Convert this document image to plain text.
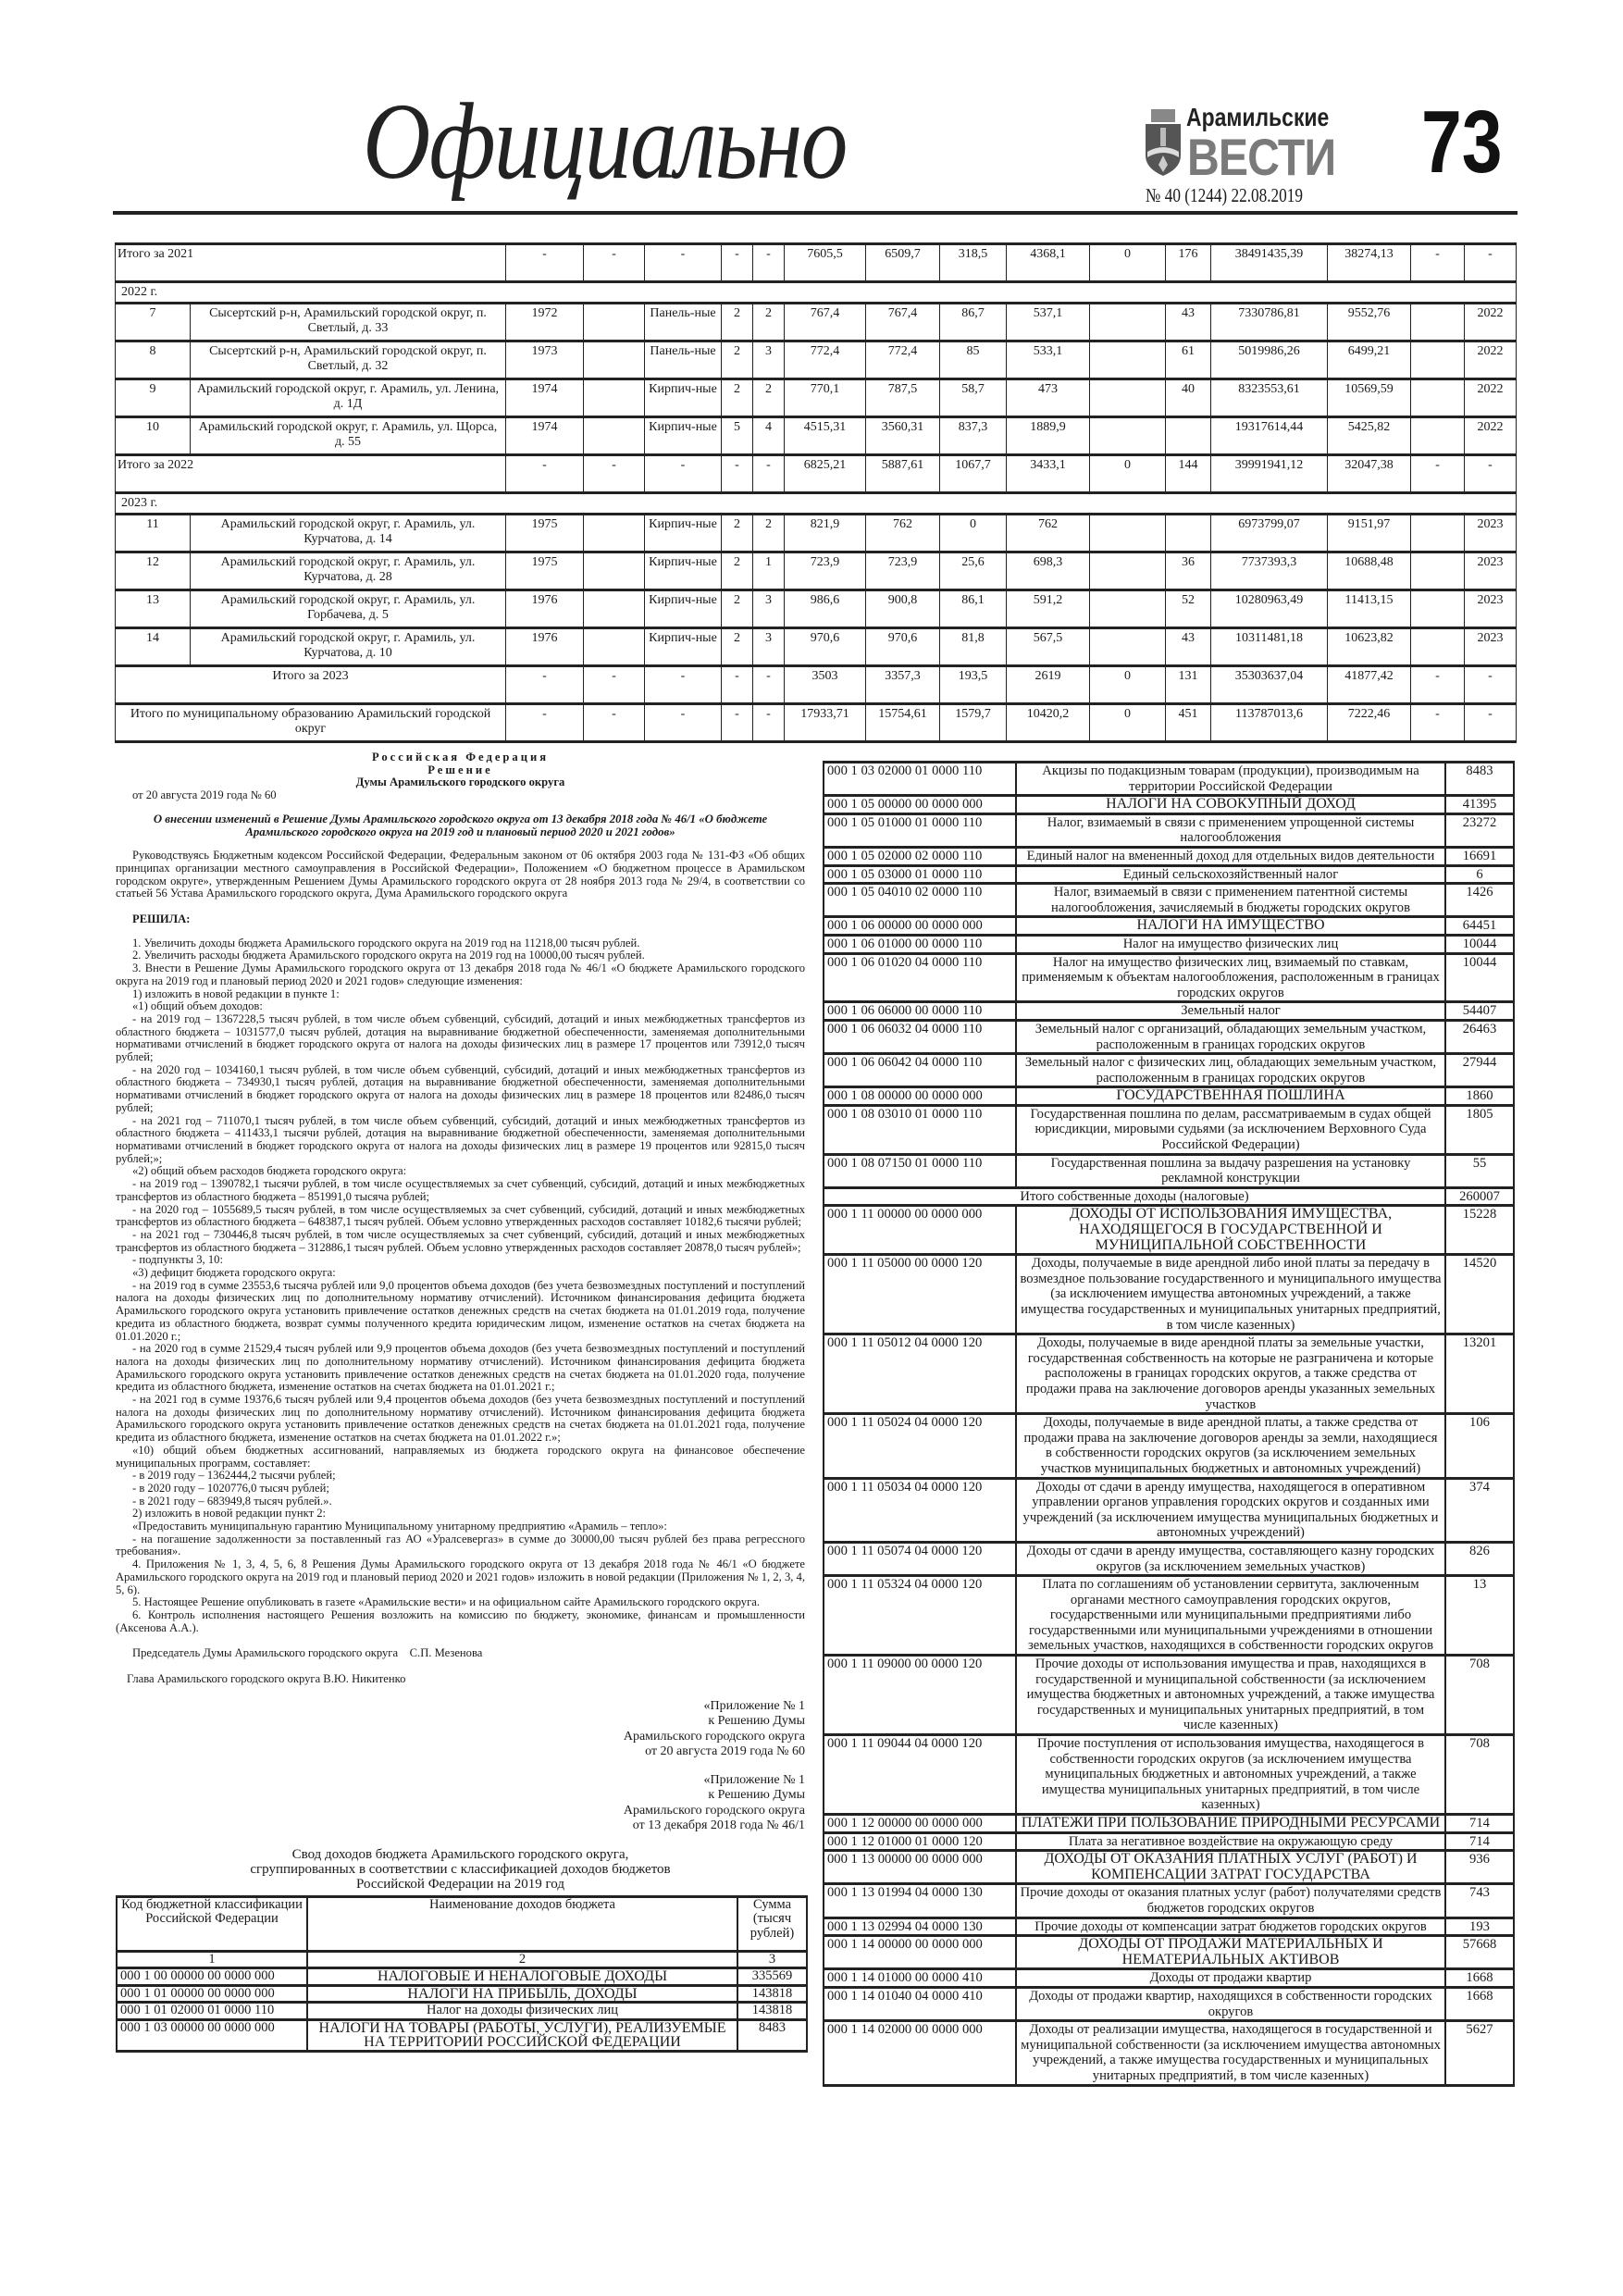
Официально	Арамильские
ВЕСТИ 73
№ 40 (1244) 22.08.2019
Итого за 2021		-	-	-	-	-	7605,5	6509,7	318,5	4368,1	0	176	38491435,39	38274,13	-	-
2022 г.																
7	Сысертский р-н, Арамильский городской округ, п. Светлый, д. 33	1972		Панель-ные	2	2	767,4	767,4	86,7	537,1		43	7330786,81	9552,76		2022
8	Сысертский р-н, Арамильский городской округ, п. Светлый, д. 32	1973		Панель-ные	2	3	772,4	772,4	85	533,1		61	5019986,26	6499,21		2022
9	Арамильский городской округ, г. Арамиль, ул. Ленина, д. 1Д	1974		Кирпич-ные	2	2	770,1	787,5	58,7	473		40	8323553,61	10569,59		2022
10	Арамильский городской округ, г. Арамиль, ул. Щорса, д. 55	1974		Кирпич-ные	5	4	4515,31	3560,31	837,3	1889,9			19317614,44	5425,82		2022
Итого за 2022		-	-	-	-	-	6825,21	5887,61	1067,7	3433,1	0	144	39991941,12	32047,38	-	-
2023 г.																
11	Арамильский городской округ, г. Арамиль, ул. Курчатова, д. 14	1975		Кирпич-ные	2	2	821,9	762	0	762			6973799,07	9151,97		2023
12	Арамильский городской округ, г. Арамиль, ул. Курчатова, д. 28	1975		Кирпич-ные	2	1	723,9	723,9	25,6	698,3		36	7737393,3	10688,48		2023
13	Арамильский городской округ, г. Арамиль, ул. Горбачева, д. 5	1976		Кирпич-ные	2	3	986,6	900,8	86,1	591,2		52	10280963,49	11413,15		2023
14	Арамильский городской округ, г. Арамиль, ул. Курчатова, д. 10	1976		Кирпич-ные	2	3	970,6	970,6	81,8	567,5		43	10311481,18	10623,82		2023
Итого за 2023		-	-	-	-	-	3503	3357,3	193,5	2619	0	131	35303637,04	41877,42	-	-
Итого по муниципальному образованию Арамильский городской округ		-	-	-	-	-	17933,71	15754,61	1579,7	10420,2	0	451	113787013,6	7222,46	-	-
Российская Федерация
Решение
Думы Арамильского городского округа
от 20 августа 2019 года № 60
О внесении изменений в Решение Думы Арамильского городского округа от 13 декабря 2018 года № 46/1 «О бюджете Арамильского городского округа на 2019 год и плановый период 2020 и 2021 годов»

Руководствуясь Бюджетным кодексом Российской Федерации, Федеральным законом от 06 октября 2003 года № 131-ФЗ «Об общих принципах организации местного самоуправления в Российской Федерации», Положением «О бюджетном процессе в Арамильском городском округе», утвержденным Решением Думы Арамильского городского округа от 28 ноября 2013 года № 29/4, в соответствии со статьей 56 Устава Арамильского городского округа, Дума Арамильского городского округа

РЕШИЛА:

1. Увеличить доходы бюджета Арамильского городского округа на 2019 год на 11218,00 тысяч рублей.

2. Увеличить расходы бюджета Арамильского городского округа на 2019 год на 10000,00 тысяч рублей.

3. Внести в Решение Думы Арамильского городского округа от 13 декабря 2018 года № 46/1 «О бюджете Арамильского городского округа на 2019 год и плановый период 2020 и 2021 годов» следующие изменения:

1) изложить в новой редакции в пункте 1:

«1) общий объем доходов:

- на 2019 год – 1367228,5 тысяч рублей, в том числе объем субвенций, субсидий, дотаций и иных межбюджетных трансфертов из областного бюджета – 1031577,0 тысяч рублей, дотация на выравнивание бюджетной обеспеченности, заменяемая дополнительными нормативами отчислений в бюджет городского округа от налога на доходы физических лиц в размере 17 процентов или 73912,0 тысяч рублей;

- на 2020 год – 1034160,1 тысяч рублей, в том числе объем субвенций, субсидий, дотаций и иных межбюджетных трансфертов из областного бюджета – 734930,1 тысяч рублей, дотация на выравнивание бюджетной обеспеченности, заменяемая дополнительными нормативами отчислений в бюджет городского округа от налога на доходы физических лиц в размере 18 процентов или 82486,0 тысяч рублей;

- на 2021 год – 711070,1 тысяч рублей, в том числе объем субвенций, субсидий, дотаций и иных межбюджетных трансфертов из областного бюджета – 411433,1 тысячи рублей, дотация на выравнивание бюджетной обеспеченности, заменяемая дополнительными нормативами отчислений в бюджет городского округа от налога на доходы физических лиц в размере 19 процентов или 92815,0 тысяч рублей;»;

«2) общий объем расходов бюджета городского округа:

- на 2019 год – 1390782,1 тысячи рублей, в том числе осуществляемых за счет субвенций, субсидий, дотаций и иных межбюджетных трансфертов из областного бюджета – 851991,0 тысяча рублей;

- на 2020 год – 1055689,5 тысяч рублей, в том числе осуществляемых за счет субвенций, субсидий, дотаций и иных межбюджетных трансфертов из областного бюджета – 648387,1 тысяч рублей. Объем условно утвержденных расходов составляет 10182,6 тысячи рублей;

- на 2021 год – 730446,8 тысяч рублей, в том числе осуществляемых за счет субвенций, субсидий, дотаций и иных межбюджетных трансфертов из областного бюджета – 312886,1 тысяч рублей. Объем условно утвержденных расходов составляет 20878,0 тысяч рублей»;

- подпункты 3, 10:

«3) дефицит бюджета городского округа:

- на 2019 год в сумме 23553,6 тысяча рублей или 9,0 процентов объема доходов (без учета безвозмездных поступлений и поступлений налога на доходы физических лиц по дополнительному нормативу отчислений). Источником финансирования дефицита бюджета Арамильского городского округа установить привлечение остатков денежных средств на счетах бюджета на 01.01.2019 года, получение кредита из областного бюджета, возврат суммы полученного кредита юридическим лицом, изменение остатков на счетах бюджета на 01.01.2020 г.;

- на 2020 год в сумме 21529,4 тысяч рублей или 9,9 процентов объема доходов (без учета безвозмездных поступлений и поступлений налога на доходы физических лиц по дополнительному нормативу отчислений). Источником финансирования дефицита бюджета Арамильского городского округа установить привлечение остатков денежных средств на счетах бюджета на 01.01.2020 года, получение кредита из областного бюджета, изменение остатков на счетах бюджета на 01.01.2021 г.;

- на 2021 год в сумме 19376,6 тысяч рублей или 9,4 процентов объема доходов (без учета безвозмездных поступлений и поступлений налога на доходы физических лиц по дополнительному нормативу отчислений). Источником финансирования дефицита бюджета Арамильского городского округа установить привлечение остатков денежных средств на счетах бюджета на 01.01.2021 года, получение кредита из областного бюджета, изменение остатков на счетах бюджета на 01.01.2022 г.»;

«10) общий объем бюджетных ассигнований, направляемых из бюджета городского округа на финансовое обеспечение муниципальных программ, составляет:

- в 2019 году – 1362444,2 тысячи рублей;

- в 2020 году – 1020776,0 тысяч рублей;

- в 2021 году – 683949,8 тысяч рублей.».

2) изложить в новой редакции пункт 2:

«Предоставить муниципальную гарантию Муниципальному унитарному предприятию «Арамиль – тепло»:

- на погашение задолженности за поставленный газ АО «Уралсевергаз» в сумме до 30000,00 тысяч рублей без права регрессного требования».

4. Приложения № 1, 3, 4, 5, 6, 8 Решения Думы Арамильского городского округа от 13 декабря 2018 года № 46/1 «О бюджете Арамильского городского округа на 2019 год и плановый период 2020 и 2021 годов» изложить в новой редакции (Приложения № 1, 2, 3, 4, 5, 6).

5. Настоящее Решение опубликовать в газете «Арамильские вести» и на официальном сайте Арамильского городского округа.

6. Контроль исполнения настоящего Решения возложить на комиссию по бюджету, экономике, финансам и промышленности (Аксенова А.А.).

Председатель Думы Арамильского городского округа    С.П. Мезенова
Глава Арамильского городского округа В.Ю. Никитенко
«Приложение № 1
к Решению Думы
Арамильского городского округа
от 20 августа 2019 года № 60
«Приложение № 1
к Решению Думы
Арамильского городского округа
от 13 декабря 2018 года № 46/1
Свод доходов бюджета Арамильского городского округа,
сгруппированных в соответствии с классификацией доходов бюджетов
Российской Федерации на 2019 год
Код бюджетной классификации Российской Федерации	Наименование доходов бюджета	Сумма (тысяч рублей)
1	2	3
000 1 00 00000 00 0000 000	НАЛОГОВЫЕ И НЕНАЛОГОВЫЕ ДОХОДЫ	335569
000 1 01 00000 00 0000 000	НАЛОГИ НА ПРИБЫЛЬ, ДОХОДЫ	143818
000 1 01 02000 01 0000 110	Налог на доходы физических лиц	143818
000 1 03 00000 00 0000 000	НАЛОГИ НА ТОВАРЫ (РАБОТЫ, УСЛУГИ), РЕАЛИЗУЕМЫЕ НА ТЕРРИТОРИИ РОССИЙСКОЙ ФЕДЕРАЦИИ	8483
000 1 03 02000 01 0000 110	Акцизы по подакцизным товарам (продукции), производимым на территории Российской Федерации	8483
000 1 05 00000 00 0000 000	НАЛОГИ НА СОВОКУПНЫЙ ДОХОД	41395
000 1 05 01000 01 0000 110	Налог, взимаемый в связи с применением упрощенной системы налогообложения	23272
000 1 05 02000 02 0000 110	Единый налог на вмененный доход для отдельных видов деятельности	16691
000 1 05 03000 01 0000 110	Единый сельскохозяйственный налог	6
000 1 05 04010 02 0000 110	Налог, взимаемый в связи с применением патентной системы налогообложения, зачисляемый в бюджеты городских округов	1426
000 1 06 00000 00 0000 000	НАЛОГИ НА ИМУЩЕСТВО	64451
000 1 06 01000 00 0000 110	Налог на имущество физических лиц	10044
000 1 06 01020 04 0000 110	Налог на имущество физических лиц, взимаемый по ставкам, применяемым к объектам налогообложения, расположенным в границах городских округов	10044
000 1 06 06000 00 0000 110	Земельный налог	54407
000 1 06 06032 04 0000 110	Земельный налог с организаций, обладающих земельным участком, расположенным в границах городских округов	26463
000 1 06 06042 04 0000 110	Земельный налог с физических лиц, обладающих земельным участком, расположенным в границах городских округов	27944
000 1 08 00000 00 0000 000	ГОСУДАРСТВЕННАЯ ПОШЛИНА	1860
000 1 08 03010 01 0000 110	Государственная пошлина по делам, рассматриваемым в судах общей юрисдикции, мировыми судьями (за исключением Верховного Суда Российской Федерации)	1805
000 1 08 07150 01 0000 110	Государственная пошлина за выдачу разрешения на установку рекламной конструкции	55
Итого собственные доходы (налоговые)		260007
000 1 11 00000 00 0000 000	ДОХОДЫ ОТ ИСПОЛЬЗОВАНИЯ ИМУЩЕСТВА, НАХОДЯЩЕГОСЯ В ГОСУДАРСТВЕННОЙ И МУНИЦИПАЛЬНОЙ СОБСТВЕННОСТИ	15228
000 1 11 05000 00 0000 120	Доходы, получаемые в виде арендной либо иной платы за передачу в возмездное пользование государственного и муниципального имущества (за исключением имущества автономных учреждений, а также имущества государственных и муниципальных унитарных предприятий, в том числе казенных)	14520
000 1 11 05012 04 0000 120	Доходы, получаемые в виде арендной платы за земельные участки, государственная собственность на которые не разграничена и которые расположены в границах городских округов, а также средства от продажи права на заключение договоров аренды указанных земельных участков	13201
000 1 11 05024 04 0000 120	Доходы, получаемые в виде арендной платы, а также средства от продажи права на заключение договоров аренды за земли, находящиеся в собственности городских округов (за исключением земельных участков муниципальных бюджетных и автономных учреждений)	106
000 1 11 05034 04 0000 120	Доходы от сдачи в аренду имущества, находящегося в оперативном управлении органов управления городских округов и созданных ими учреждений (за исключением имущества муниципальных бюджетных и автономных учреждений)	374
000 1 11 05074 04 0000 120	Доходы от сдачи в аренду имущества, составляющего казну городских округов (за исключением земельных участков)	826
000 1 11 05324 04 0000 120	Плата по соглашениям об установлении сервитута, заключенным органами местного самоуправления городских округов, государственными или муниципальными предприятиями либо государственными или муниципальными учреждениями в отношении земельных участков, находящихся в собственности городских округов	13
000 1 11 09000 00 0000 120	Прочие доходы от использования имущества и прав, находящихся в государственной и муниципальной собственности (за исключением имущества бюджетных и автономных учреждений, а также имущества государственных и муниципальных унитарных предприятий, в том числе казенных)	708
000 1 11 09044 04 0000 120	Прочие поступления от использования имущества, находящегося в собственности городских округов (за исключением имущества муниципальных бюджетных и автономных учреждений, а также имущества муниципальных унитарных предприятий, в том числе казенных)	708
000 1 12 00000 00 0000 000	ПЛАТЕЖИ ПРИ ПОЛЬЗОВАНИЕ ПРИРОДНЫМИ РЕСУРСАМИ	714
000 1 12 01000 01 0000 120	Плата за негативное воздействие на окружающую среду	714
000 1 13 00000 00 0000 000	ДОХОДЫ ОТ ОКАЗАНИЯ ПЛАТНЫХ УСЛУГ (РАБОТ) И КОМПЕНСАЦИИ ЗАТРАТ ГОСУДАРСТВА	936
000 1 13 01994 04 0000 130	Прочие доходы от оказания платных услуг (работ) получателями средств бюджетов городских округов	743
000 1 13 02994 04 0000 130	Прочие доходы от компенсации затрат бюджетов городских округов	193
000 1 14 00000 00 0000 000	ДОХОДЫ ОТ ПРОДАЖИ МАТЕРИАЛЬНЫХ И НЕМАТЕРИАЛЬНЫХ АКТИВОВ	57668
000 1 14 01000 00 0000 410	Доходы от продажи квартир	1668
000 1 14 01040 04 0000 410	Доходы от продажи квартир, находящихся в собственности городских округов	1668
000 1 14 02000 00 0000 000	Доходы от реализации имущества, находящегося в государственной и муниципальной собственности (за исключением имущества автономных учреждений, а также имущества государственных и муниципальных унитарных предприятий, в том числе казенных)	5627
